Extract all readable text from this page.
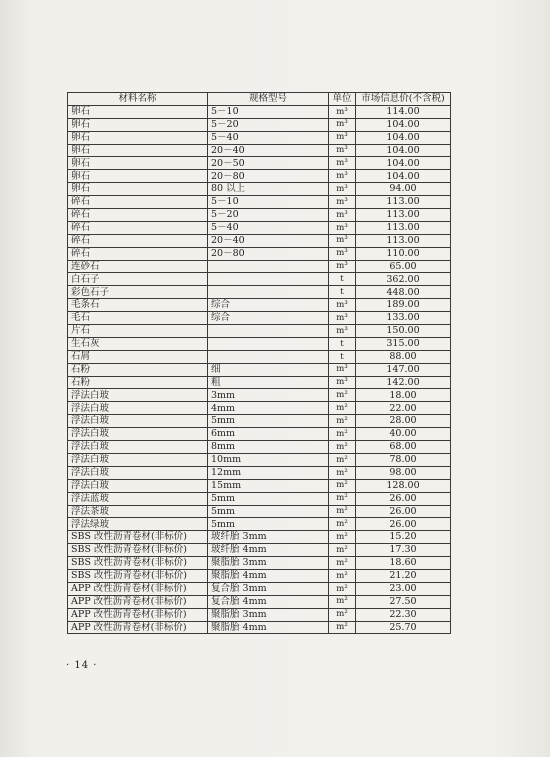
材料名称	规格型号	单位	市场信息价(不含税)
卵石	5－10	m³	114.00
卵石	5－20	m³	104.00
卵石	5－40	m³	104.00
卵石	20－40	m³	104.00
卵石	20－50	m³	104.00
卵石	20－80	m³	104.00
卵石	80 以上	m³	94.00
碎石	5－10	m³	113.00
碎石	5－20	m³	113.00
碎石	5－40	m³	113.00
碎石	20－40	m³	113.00
碎石	20－80	m³	110.00
连砂石		m³	65.00
白石子		t	362.00
彩色石子		t	448.00
毛条石	综合	m³	189.00
毛石	综合	m³	133.00
片石		m³	150.00
生石灰		t	315.00
石屑		t	88.00
石粉	细	m³	147.00
石粉	粗	m³	142.00
浮法白玻	3mm	m²	18.00
浮法白玻	4mm	m²	22.00
浮法白玻	5mm	m²	28.00
浮法白玻	6mm	m²	40.00
浮法白玻	8mm	m²	68.00
浮法白玻	10mm	m²	78.00
浮法白玻	12mm	m²	98.00
浮法白玻	15mm	m²	128.00
浮法蓝玻	5mm	m²	26.00
浮法茶玻	5mm	m²	26.00
浮法绿玻	5mm	m²	26.00
SBS 改性沥青卷材(非标价)	玻纤胎 3mm	m²	15.20
SBS 改性沥青卷材(非标价)	玻纤胎 4mm	m²	17.30
SBS 改性沥青卷材(非标价)	聚脂胎 3mm	m²	18.60
SBS 改性沥青卷材(非标价)	聚脂胎 4mm	m²	21.20
APP 改性沥青卷材(非标价)	复合胎 3mm	m²	23.00
APP 改性沥青卷材(非标价)	复合胎 4mm	m²	27.50
APP 改性沥青卷材(非标价)	聚脂胎 3mm	m²	22.30
APP 改性沥青卷材(非标价)	聚脂胎 4mm	m²	25.70
· 14 ·
